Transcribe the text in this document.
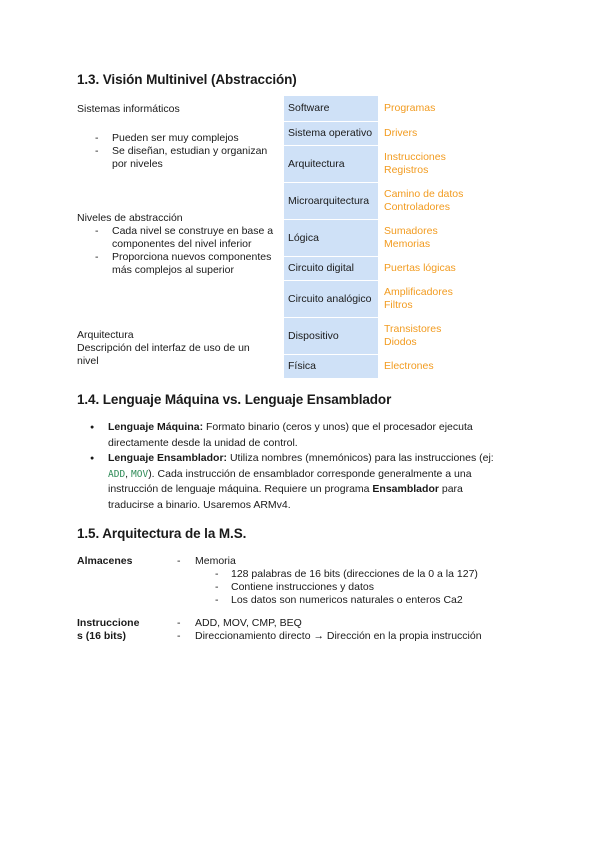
1.3. Visión Multinivel (Abstracción)
Sistemas informáticos
- Pueden ser muy complejos
- Se diseñan, estudian y organizan por niveles
Niveles de abstracción
- Cada nivel se construye en base a componentes del nivel inferior
- Proporciona nuevos componentes más complejos al superior
Arquitectura
Descripción del interfaz de uso de un nivel
Software	Programas
Sistema operativo	Drivers
Arquitectura	Instrucciones
Registros
Microarquitectura	Camino de datos
Controladores
Lógica	Sumadores
Memorias
Circuito digital	Puertas lógicas
Circuito analógico	Amplificadores
Filtros
Dispositivo	Transistores
Diodos
Física	Electrones
1.4. Lenguaje Máquina vs. Lenguaje Ensamblador
● Lenguaje Máquina: Formato binario (ceros y unos) que el procesador ejecuta directamente desde la unidad de control.
● Lenguaje Ensamblador: Utiliza nombres (mnemónicos) para las instrucciones (ej: ADD, MOV). Cada instrucción de ensamblador corresponde generalmente a una instrucción de lenguaje máquina. Requiere un programa Ensamblador para traducirse a binario. Usaremos ARMv4.
1.5. Arquitectura de la M.S.
Almacenes	- Memoria
- 128 palabras de 16 bits (direcciones de la 0 a la 127)
- Contiene instrucciones y datos
- Los datos son numericos naturales o enteros Ca2
Instruccione
s (16 bits)
- ADD, MOV, CMP, BEQ
- Direccionamiento directo → Dirección en la propia instrucción
